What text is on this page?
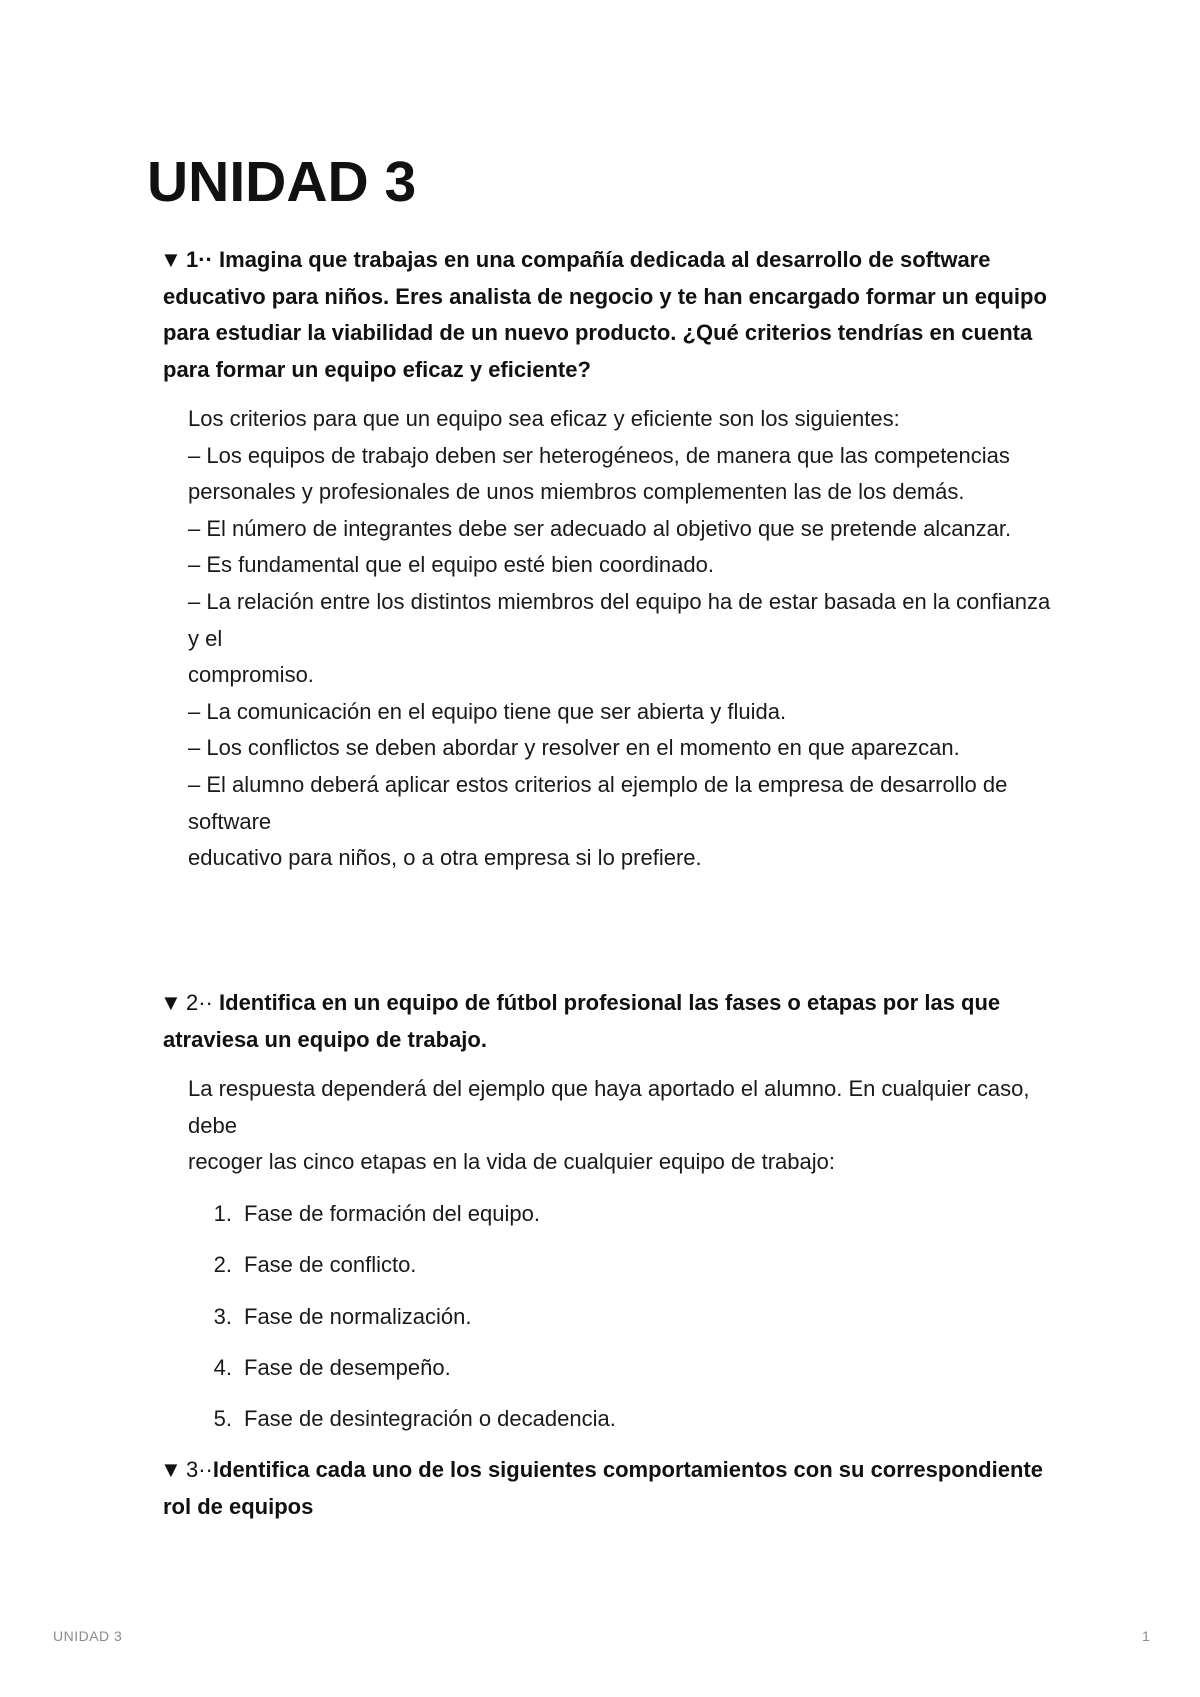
UNIDAD 3
▼ 1·· Imagina que trabajas en una compañía dedicada al desarrollo de software educativo para niños. Eres analista de negocio y te han encargado formar un equipo para estudiar la viabilidad de un nuevo producto. ¿Qué criterios tendrías en cuenta para formar un equipo eficaz y eficiente?
Los criterios para que un equipo sea eficaz y eficiente son los siguientes:
– Los equipos de trabajo deben ser heterogéneos, de manera que las competencias personales y profesionales de unos miembros complementen las de los demás.
– El número de integrantes debe ser adecuado al objetivo que se pretende alcanzar.
– Es fundamental que el equipo esté bien coordinado.
– La relación entre los distintos miembros del equipo ha de estar basada en la confianza y el
compromiso.
– La comunicación en el equipo tiene que ser abierta y fluida.
– Los conflictos se deben abordar y resolver en el momento en que aparezcan.
– El alumno deberá aplicar estos criterios al ejemplo de la empresa de desarrollo de software
educativo para niños, o a otra empresa si lo prefiere.
▼ 2·· Identifica en un equipo de fútbol profesional las fases o etapas por las que atraviesa un equipo de trabajo.
La respuesta dependerá del ejemplo que haya aportado el alumno. En cualquier caso, debe
recoger las cinco etapas en la vida de cualquier equipo de trabajo:
1. Fase de formación del equipo.
2. Fase de conflicto.
3. Fase de normalización.
4. Fase de desempeño.
5. Fase de desintegración o decadencia.
▼ 3··Identifica cada uno de los siguientes comportamientos con su correspondiente rol de equipos
UNIDAD 3	1
